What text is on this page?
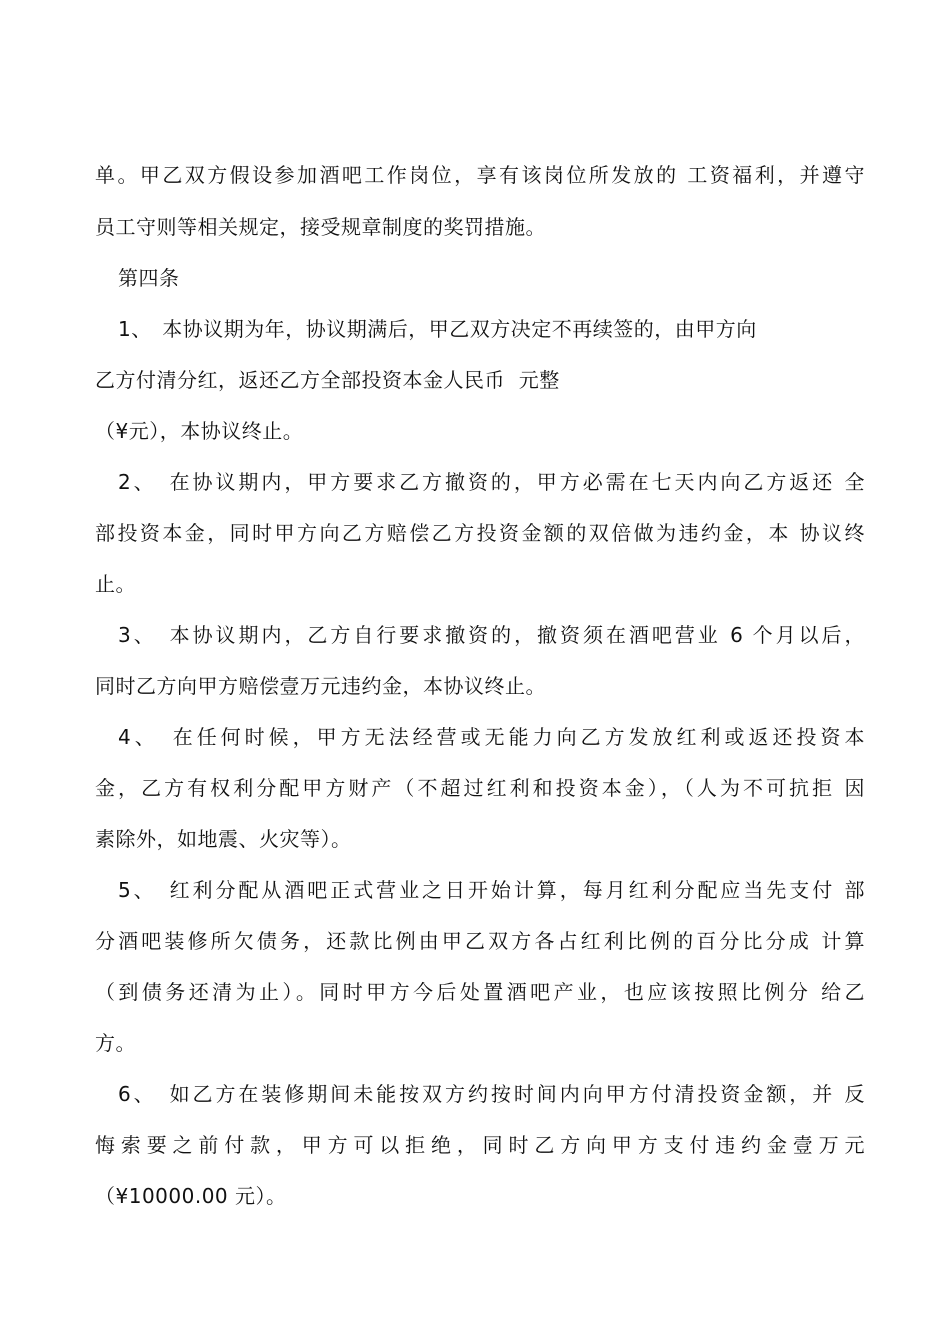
单。甲乙双方假设参加酒吧工作岗位，享有该岗位所发放的 工资福利，并遵守
员工守则等相关规定，接受规章制度的奖罚措施。
第四条
1、　本协议期为年，协议期满后，甲乙双方决定不再续签的，由甲方向
乙方付清分红，返还乙方全部投资本金人民币  元整
（¥元），本协议终止。
2、　在协议期内，甲方要求乙方撤资的，甲方必需在七天内向乙方返还 全
部投资本金，同时甲方向乙方赔偿乙方投资金额的双倍做为违约金，本 协议终
止。
3、　本协议期内，乙方自行要求撤资的，撤资须在酒吧营业 6 个月以后，
同时乙方向甲方赔偿壹万元违约金，本协议终止。
4、　在任何时候，甲方无法经营或无能力向乙方发放红利或返还投资本
金，乙方有权利分配甲方财产（不超过红利和投资本金），（人为不可抗拒 因
素除外，如地震、火灾等）。
5、　红利分配从酒吧正式营业之日开始计算，每月红利分配应当先支付 部
分酒吧装修所欠债务，还款比例由甲乙双方各占红利比例的百分比分成 计算
（到债务还清为止）。同时甲方今后处置酒吧产业，也应该按照比例分 给乙
方。
6、　如乙方在装修期间未能按双方约按时间内向甲方付清投资金额，并 反
悔索要之前付款，甲方可以拒绝，同时乙方向甲方支付违约金壹万元
（¥10000.00 元）。
